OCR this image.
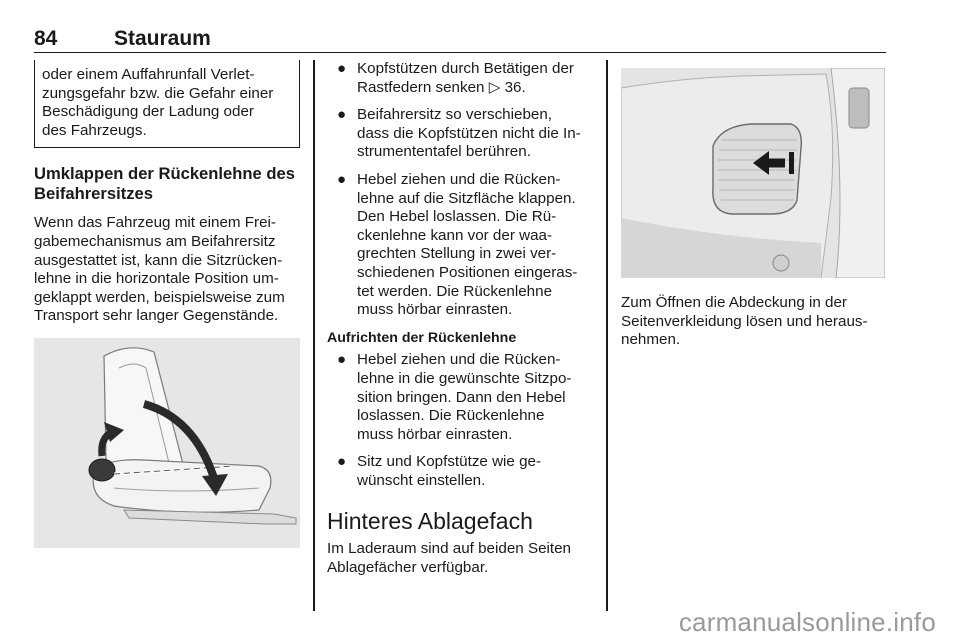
84	Stauraum
oder einem Auffahrunfall Verlet-
zungsgefahr bzw. die Gefahr einer
Beschädigung der Ladung oder
des Fahrzeugs.
Umklappen der Rückenlehne des
Beifahrersitzes
Wenn das Fahrzeug mit einem Frei-
gabemechanismus am Beifahrersitz
ausgestattet ist, kann die Sitzrücken-
lehne in die horizontale Position um-
geklappt werden, beispielsweise zum
Transport sehr langer Gegenstände.
● Kopfstützen durch Betätigen der
Rastfedern senken ▷ 36.
● Beifahrersitz so verschieben,
dass die Kopfstützen nicht die In-
strumententafel berühren.
● Hebel ziehen und die Rücken-
lehne auf die Sitzfläche klappen.
Den Hebel loslassen. Die Rü-
ckenlehne kann vor der waa-
grechten Stellung in zwei ver-
schiedenen Positionen eingeras-
tet werden. Die Rückenlehne
muss hörbar einrasten.
Aufrichten der Rückenlehne
● Hebel ziehen und die Rücken-
lehne in die gewünschte Sitzpo-
sition bringen. Dann den Hebel
loslassen. Die Rückenlehne
muss hörbar einrasten.
● Sitz und Kopfstütze wie ge-
wünscht einstellen.
Hinteres Ablagefach
Im Laderaum sind auf beiden Seiten
Ablagefächer verfügbar.
Zum Öffnen die Abdeckung in der
Seitenverkleidung lösen und heraus-
nehmen.
carmanualsonline.info
